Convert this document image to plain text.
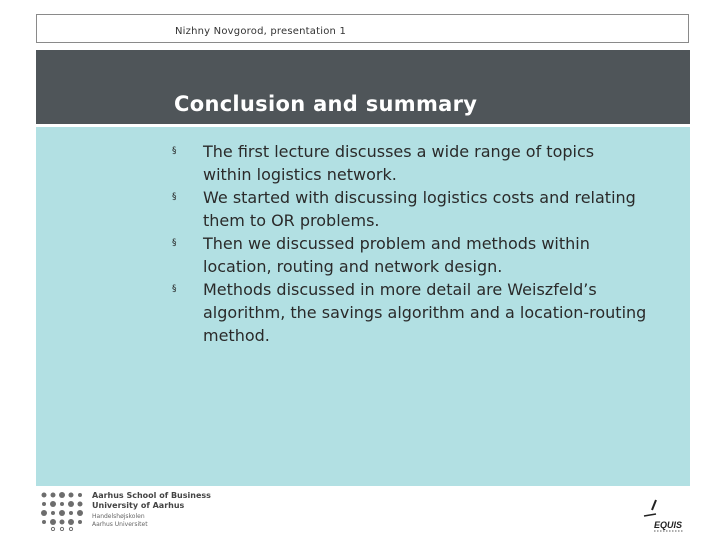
Nizhny Novgorod, presentation 1
Conclusion and summary
§ The first lecture discusses a wide range of topics within logistics network.
§ We started with discussing logistics costs and relating them to OR problems.
§ Then we discussed problem and methods within location, routing and network design.
§ Methods discussed in more detail are Weiszfeld’s algorithm, the savings algorithm and a location-routing method.
Aarhus School of Business
University of Aarhus
Handelshøjskolen
Aarhus Universitet	EQUIS
